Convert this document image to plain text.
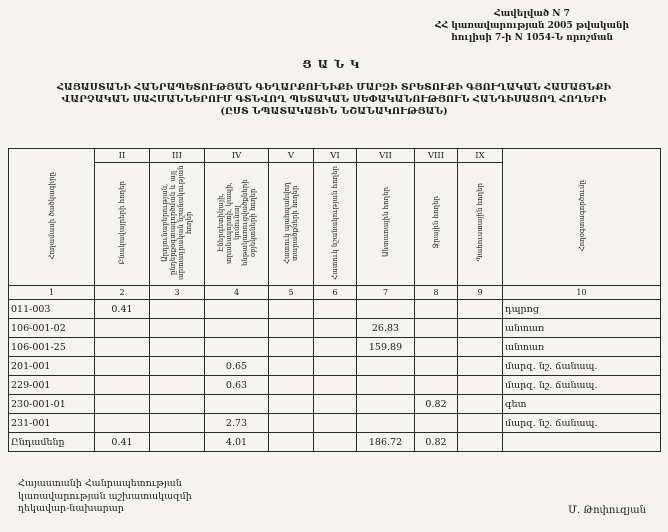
Հավելված N 7
ՀՀ կառավարության 2005 թվականի
հուլիսի 7-ի N 1054-Ն որոշման
ՑԱՆԿ
ՀԱՅԱՍՏԱՆԻ ՀԱՆՐԱՊԵՏՈՒԹՅԱՆ ԳԵՂԱՐՔՈՒՆԻՔԻ ՄԱՐԶԻ ՏՐԵՏՈՒՔԻ ԳՅՈՒՂԱԿԱՆ ՀԱՄԱՅՆՔԻ
ՎԱՐՉԱԿԱՆ ՍԱՀՄԱՆՆԵՐՈՒՄ ԳՏՆՎՈՂ ՊԵՏԱԿԱՆ ՍԵՓԱԿԱՆՈՒԹՅՈՒՆ ՀԱՆԴԻՍԱՑՈՂ ՀՈՂԵՐԻ
(ԸՍՏ ՆՊԱՏԱԿԱՅԻՆ ՆՇԱՆԱԿՈՒԹՅԱՆ)
Հողամասի ծածկագիրը	II	III	IV	V	VI	VII	VIII	IX	Հողօգտագործումը
	Բնակավայրերի հողեր	Արդյունաբերության, ընդերքօգտագործման և այլ արտադրական նշանակության հողեր	Էներգետիկայի, տրանսպորտի, կապի, կոմունալ ենթակառուցվածքների օբյեկտների հողեր	Հատուկ պահպանվող տարածքների հողեր	Հատուկ նշանակության հողեր	Անտառային հողեր	Ջրային հողեր	Պահուստային հողեր	
1	2	3	4	5	6	7	8	9	10
011-003	0.41								դպրոց
106-001-02						26.83			անտառ
106-001-25						159.89			անտառ
201-001			0.65						մարզ. նշ. ճանապ.
229-001			0.63						մարզ. նշ. ճանապ.
230-001-01							0.82		գետ
231-001			2.73						մարզ. նշ. ճանապ.
Ընդամենը	0.41		4.01			186.72	0.82		
Հայաստանի Հանրապետության
կառավարության աշխատակազմի
ղեկավար-նախարար	Մ. Թոփուզյան
